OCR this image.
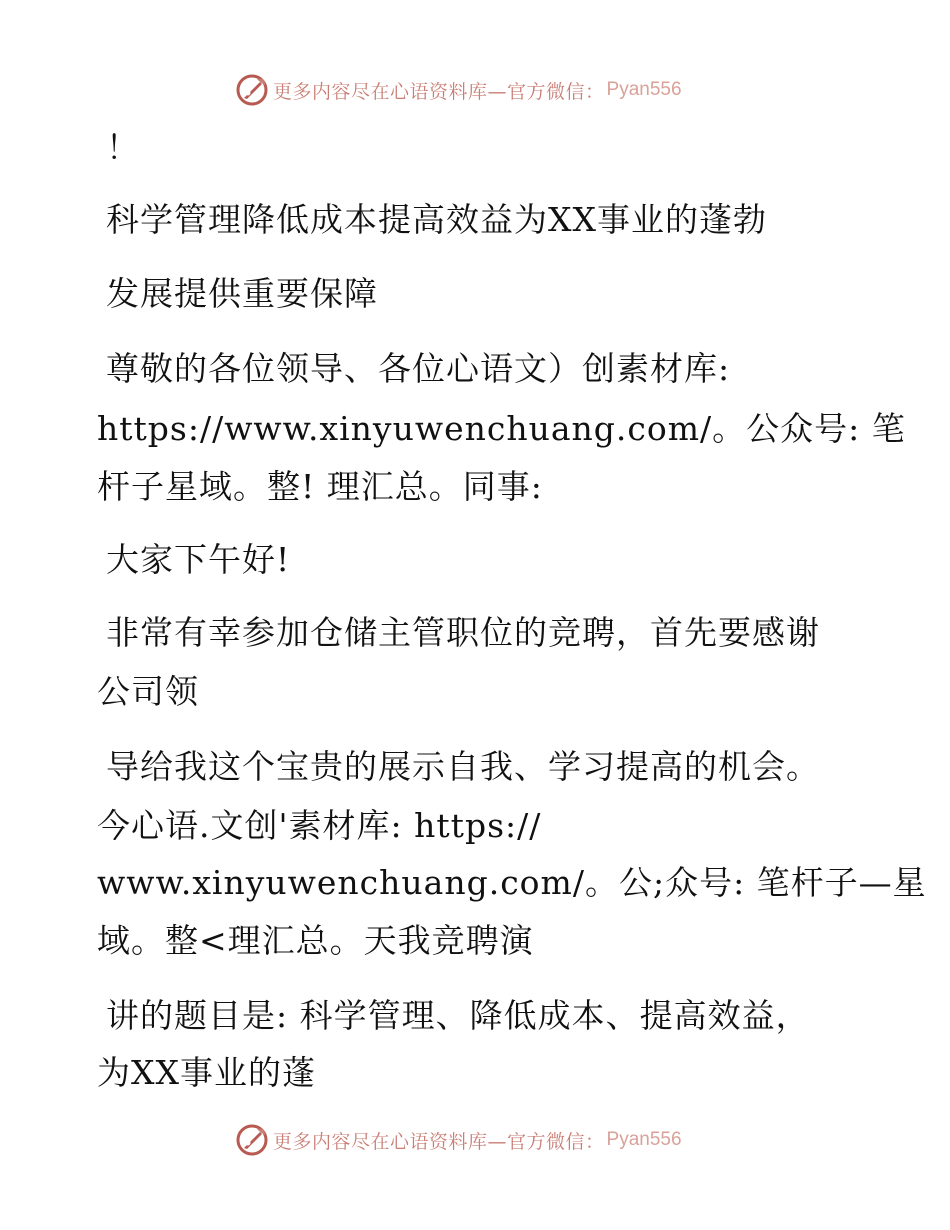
更多内容尽在心语资料库—官方微信： Pyan556
！
科学管理降低成本提高效益为XX事业的蓬勃
发展提供重要保障
尊敬的各位领导、各位心语文）创素材库:
https://www.xinyuwenchuang.com/。公众号: 笔
杆子星域。整! 理汇总。同事:
大家下午好!
非常有幸参加仓储主管职位的竞聘，首先要感谢
公司领
导给我这个宝贵的展示自我、学习提高的机会。
今心语.文创'素材库: https://
www.xinyuwenchuang.com/。公;众号: 笔杆子—星
域。整<理汇总。天我竞聘演
讲的题目是: 科学管理、降低成本、提高效益，
为XX事业的蓬
更多内容尽在心语资料库—官方微信： Pyan556
